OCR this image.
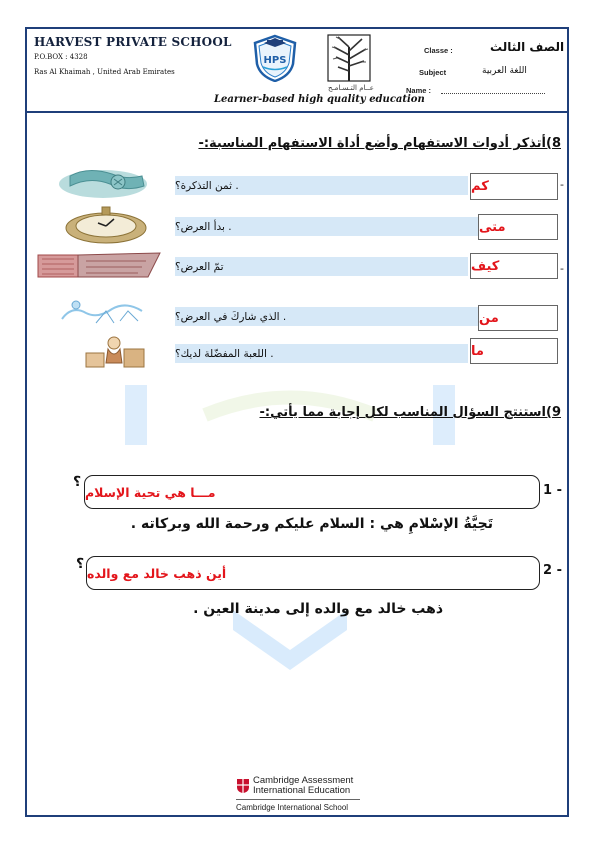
HARVEST PRIVATE SCHOOL
P.O.BOX : 4328
Ras Al Khaimah , United Arab Emirates
HPS
عــام التـسـامـح
Learner-based high quality education
Classe :	الصف الثالث
Subject	اللغة العربية
Name :
8)أتذكر أدوات الاستفهام وأضع أداة الاستفهام المناسبة:-
-
كم
. ثمن التذكرة؟
متى
. بدأ العرض؟
-
كيف
تمّ العرض؟
من
. الذي شاركَ في العرض؟
ما
. اللعبة المفضّلة لديك؟
9)استنتج السؤال المناسب لكل إجابة مما يأتي:-
؟
مـــا هي تحية الإسلام	1 -
تَحِيَّةُ الإسْلامِ هي : السلام عليكم ورحمة الله وبركاته .
؟
أين ذهب خالد مع والده	2 -
ذهب خالد مع والده إلى مدينة العين .
Cambridge Assessment
International Education
Cambridge International School
